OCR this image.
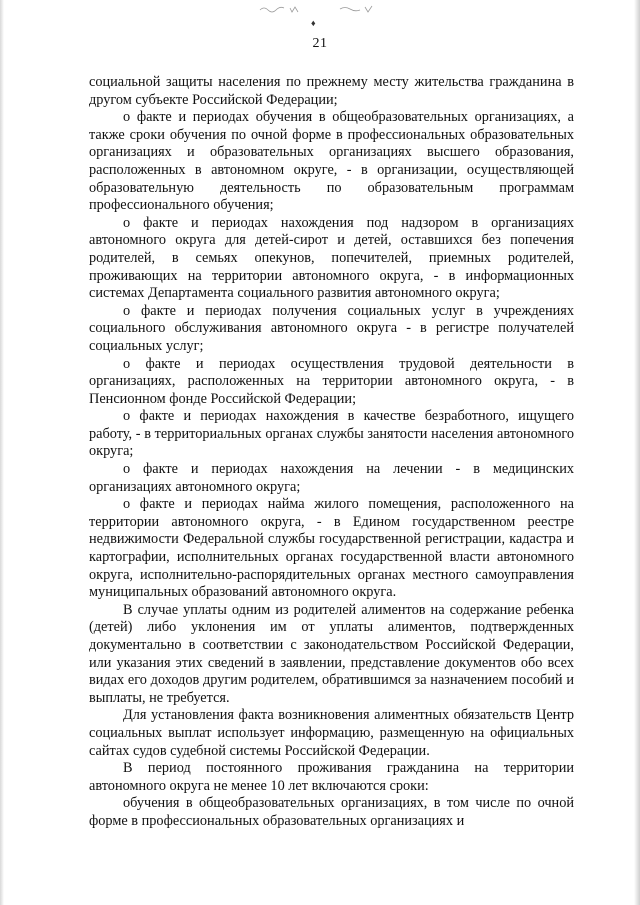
♦
21

социальной защиты населения по прежнему месту жительства гражданина в другом субъекте Российской Федерации;

о факте и периодах обучения в общеобразовательных организациях, а также сроки обучения по очной форме в профессиональных образовательных организациях и образовательных организациях высшего образования, расположенных в автономном округе, - в организации, осуществляющей образовательную деятельность по образовательным программам профессионального обучения;

о факте и периодах нахождения под надзором в организациях автономного округа для детей-сирот и детей, оставшихся без попечения родителей, в семьях опекунов, попечителей, приемных родителей, проживающих на территории автономного округа, - в информационных системах Департамента социального развития автономного округа;

о факте и периодах получения социальных услуг в учреждениях социального обслуживания автономного округа - в регистре получателей социальных услуг;

о факте и периодах осуществления трудовой деятельности в организациях, расположенных на территории автономного округа, - в Пенсионном фонде Российской Федерации;

о факте и периодах нахождения в качестве безработного, ищущего работу, - в территориальных органах службы занятости населения автономного округа;

о факте и периодах нахождения на лечении - в медицинских организациях автономного округа;

о факте и периодах найма жилого помещения, расположенного на территории автономного округа, - в Едином государственном реестре недвижимости Федеральной службы государственной регистрации, кадастра и картографии, исполнительных органах государственной власти автономного округа, исполнительно-распорядительных органах местного самоуправления муниципальных образований автономного округа.

В случае уплаты одним из родителей алиментов на содержание ребенка (детей) либо уклонения им от уплаты алиментов, подтвержденных документально в соответствии с законодательством Российской Федерации, или указания этих сведений в заявлении, представление документов обо всех видах его доходов другим родителем, обратившимся за назначением пособий и выплаты, не требуется.

Для установления факта возникновения алиментных обязательств Центр социальных выплат использует информацию, размещенную на официальных сайтах судов судебной системы Российской Федерации.

В период постоянного проживания гражданина на территории автономного округа не менее 10 лет включаются сроки:

обучения в общеобразовательных организациях, в том числе по очной форме в профессиональных образовательных организациях и
